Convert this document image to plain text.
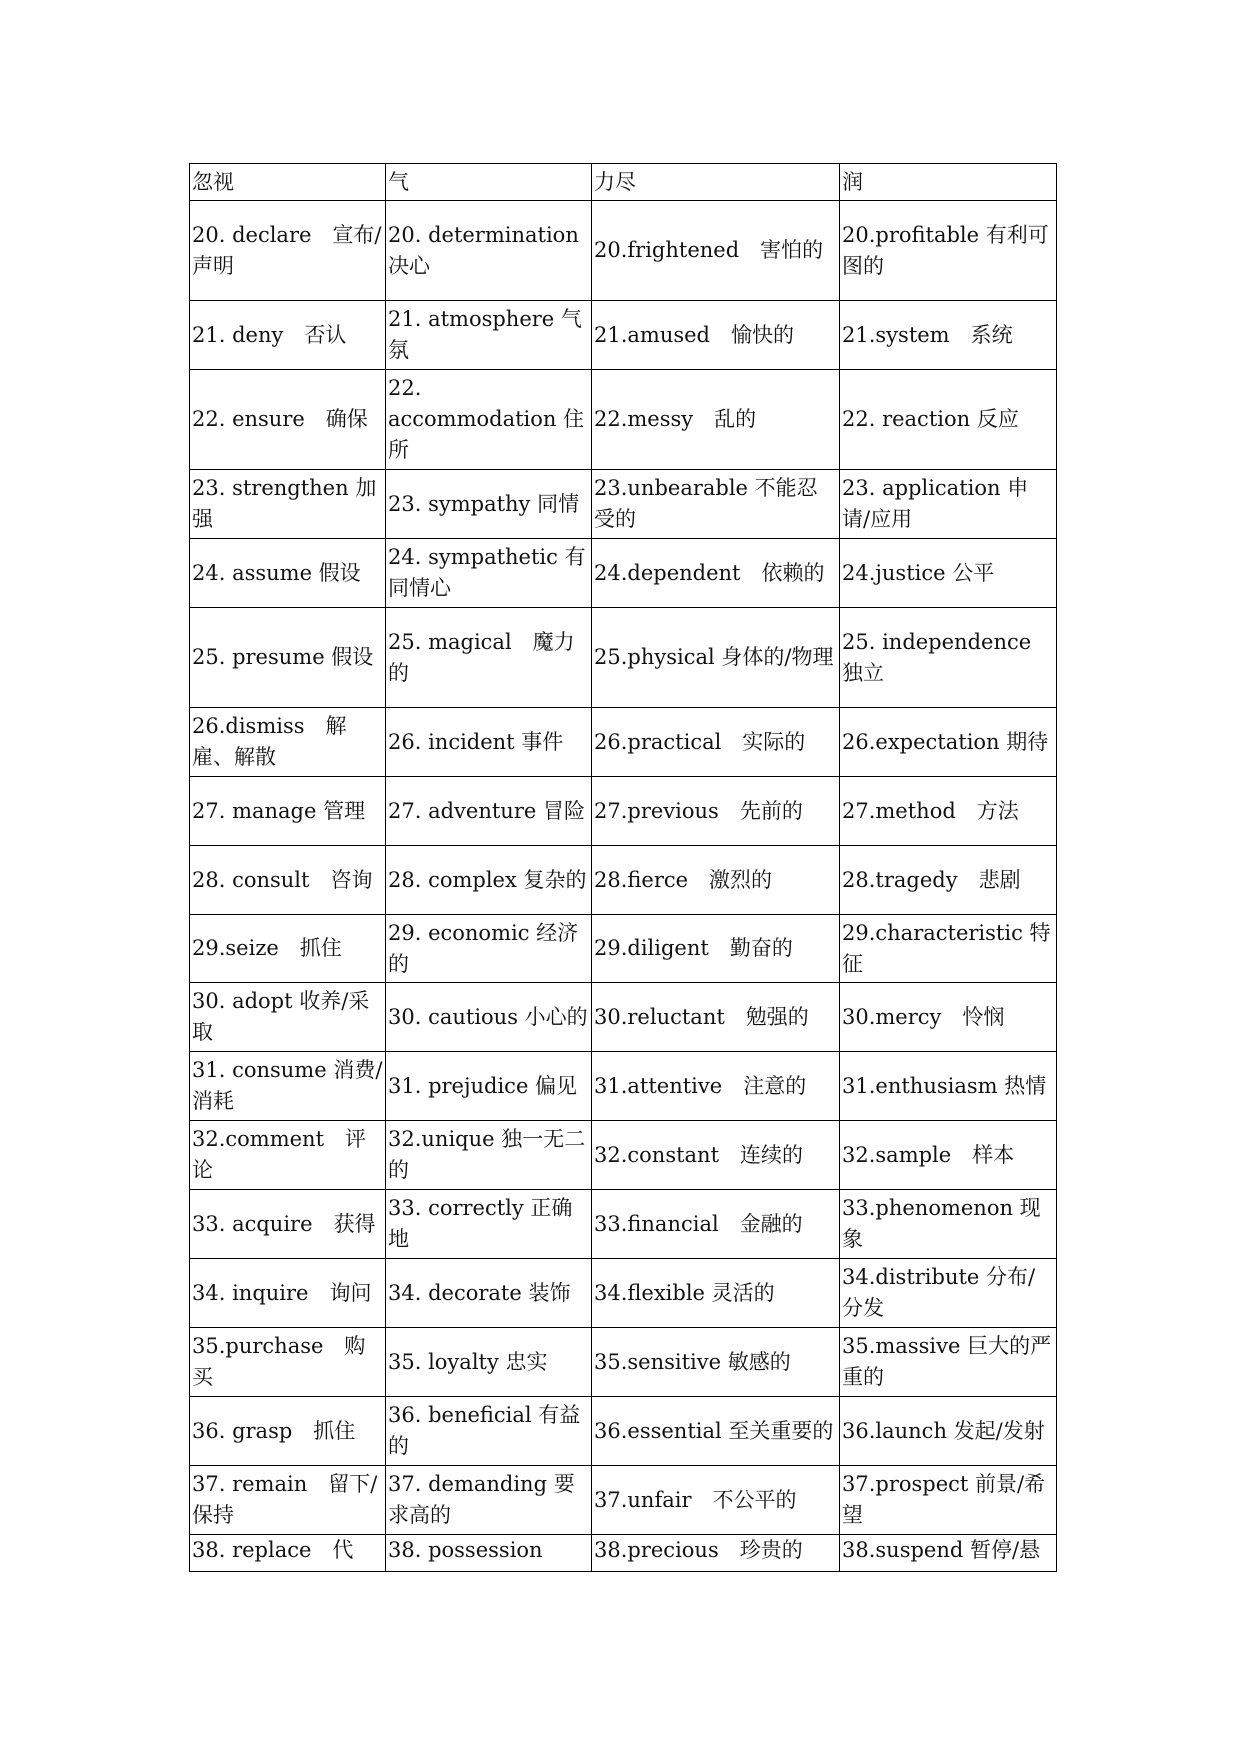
忽视	气	力尽	润
20. declare　宣布/声明	20. determination 决心	20.frightened　害怕的	20.profitable 有利可图的
21. deny　否认	21. atmosphere 气氛	21.amused　愉快的	21.system　系统
22. ensure　确保	22. accommodation 住所	22.messy　乱的	22. reaction 反应
23. strengthen 加强	23. sympathy 同情	23.unbearable 不能忍受的	23. application 申请/应用
24. assume 假设	24. sympathetic 有同情心	24.dependent　依赖的	24.justice 公平
25. presume 假设	25. magical　魔力的	25.physical 身体的/物理	25. independence　独立
26.dismiss　解雇、解散	26. incident 事件	26.practical　实际的	26.expectation 期待
27. manage 管理	27. adventure 冒险	27.previous　先前的	27.method　方法
28. consult　咨询	28. complex 复杂的	28.fierce　激烈的	28.tragedy　悲剧
29.seize　抓住	29. economic 经济的	29.diligent　勤奋的	29.characteristic 特征
30. adopt 收养/采取	30. cautious 小心的	30.reluctant　勉强的	30.mercy　怜悯
31. consume 消费/消耗	31. prejudice 偏见	31.attentive　注意的	31.enthusiasm 热情
32.comment　评论	32.unique 独一无二的	32.constant　连续的	32.sample　样本
33. acquire　获得	33. correctly 正确地	33.financial　金融的	33.phenomenon 现象
34. inquire　询问	34. decorate 装饰	34.flexible 灵活的	34.distribute 分布/分发
35.purchase　购买	35. loyalty 忠实	35.sensitive 敏感的	35.massive 巨大的严重的
36. grasp　抓住	36. beneficial 有益的	36.essential 至关重要的	36.launch 发起/发射
37. remain　留下/保持	37. demanding 要求高的	37.unfair　不公平的	37.prospect 前景/希望
38. replace　代	38. possession	38.precious　珍贵的	38.suspend 暂停/悬
